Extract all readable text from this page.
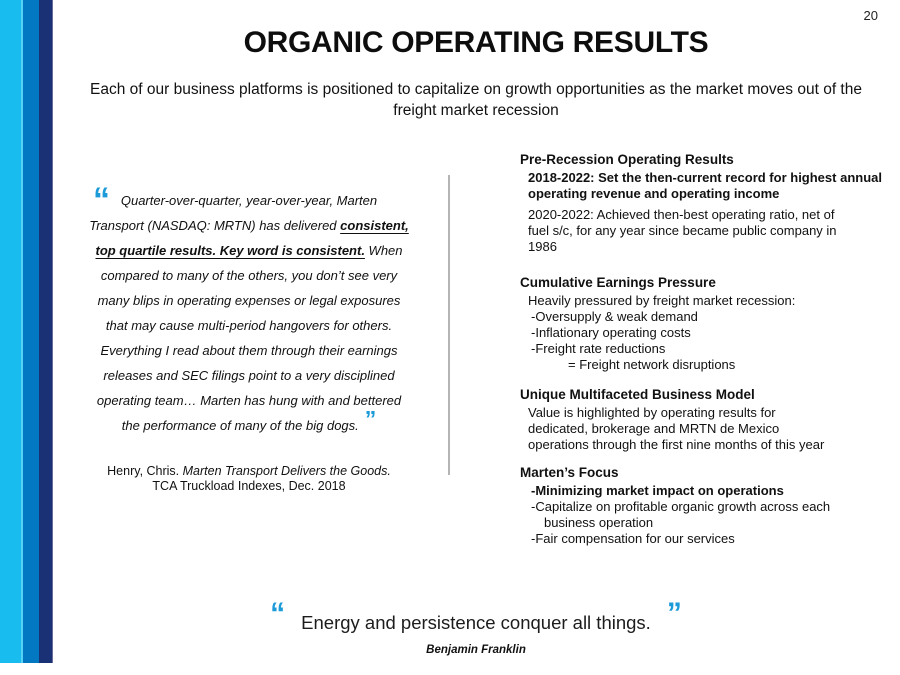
20
ORGANIC OPERATING RESULTS
Each of our business platforms is positioned to capitalize on growth opportunities as the market moves out of the
freight market recession
“ Quarter-over-quarter, year-over-year, Marten
Transport (NASDAQ: MRTN) has delivered consistent,
top quartile results. Key word is consistent. When
compared to many of the others, you don’t see very
many blips in operating expenses or legal exposures
that may cause multi-period hangovers for others.
Everything I read about them through their earnings
releases and SEC filings point to a very disciplined
operating team… Marten has hung with and bettered
the performance of many of the big dogs. ”
Henry, Chris. Marten Transport Delivers the Goods.
TCA Truckload Indexes, Dec. 2018
Pre-Recession Operating Results
2018-2022: Set the then-current record for highest annual
operating revenue and operating income
2020-2022: Achieved then-best operating ratio, net of
fuel s/c, for any year since became public company in
1986
Cumulative Earnings Pressure
Heavily pressured by freight market recession:
-Oversupply & weak demand
-Inflationary operating costs
-Freight rate reductions
= Freight network disruptions
Unique Multifaceted Business Model
Value is highlighted by operating results for
dedicated, brokerage and MRTN de Mexico
operations through the first nine months of this year
Marten’s Focus
-Minimizing market impact on operations
-Capitalize on profitable organic growth across each
business operation
-Fair compensation for our services
“ Energy and persistence conquer all things. ”
Benjamin Franklin
